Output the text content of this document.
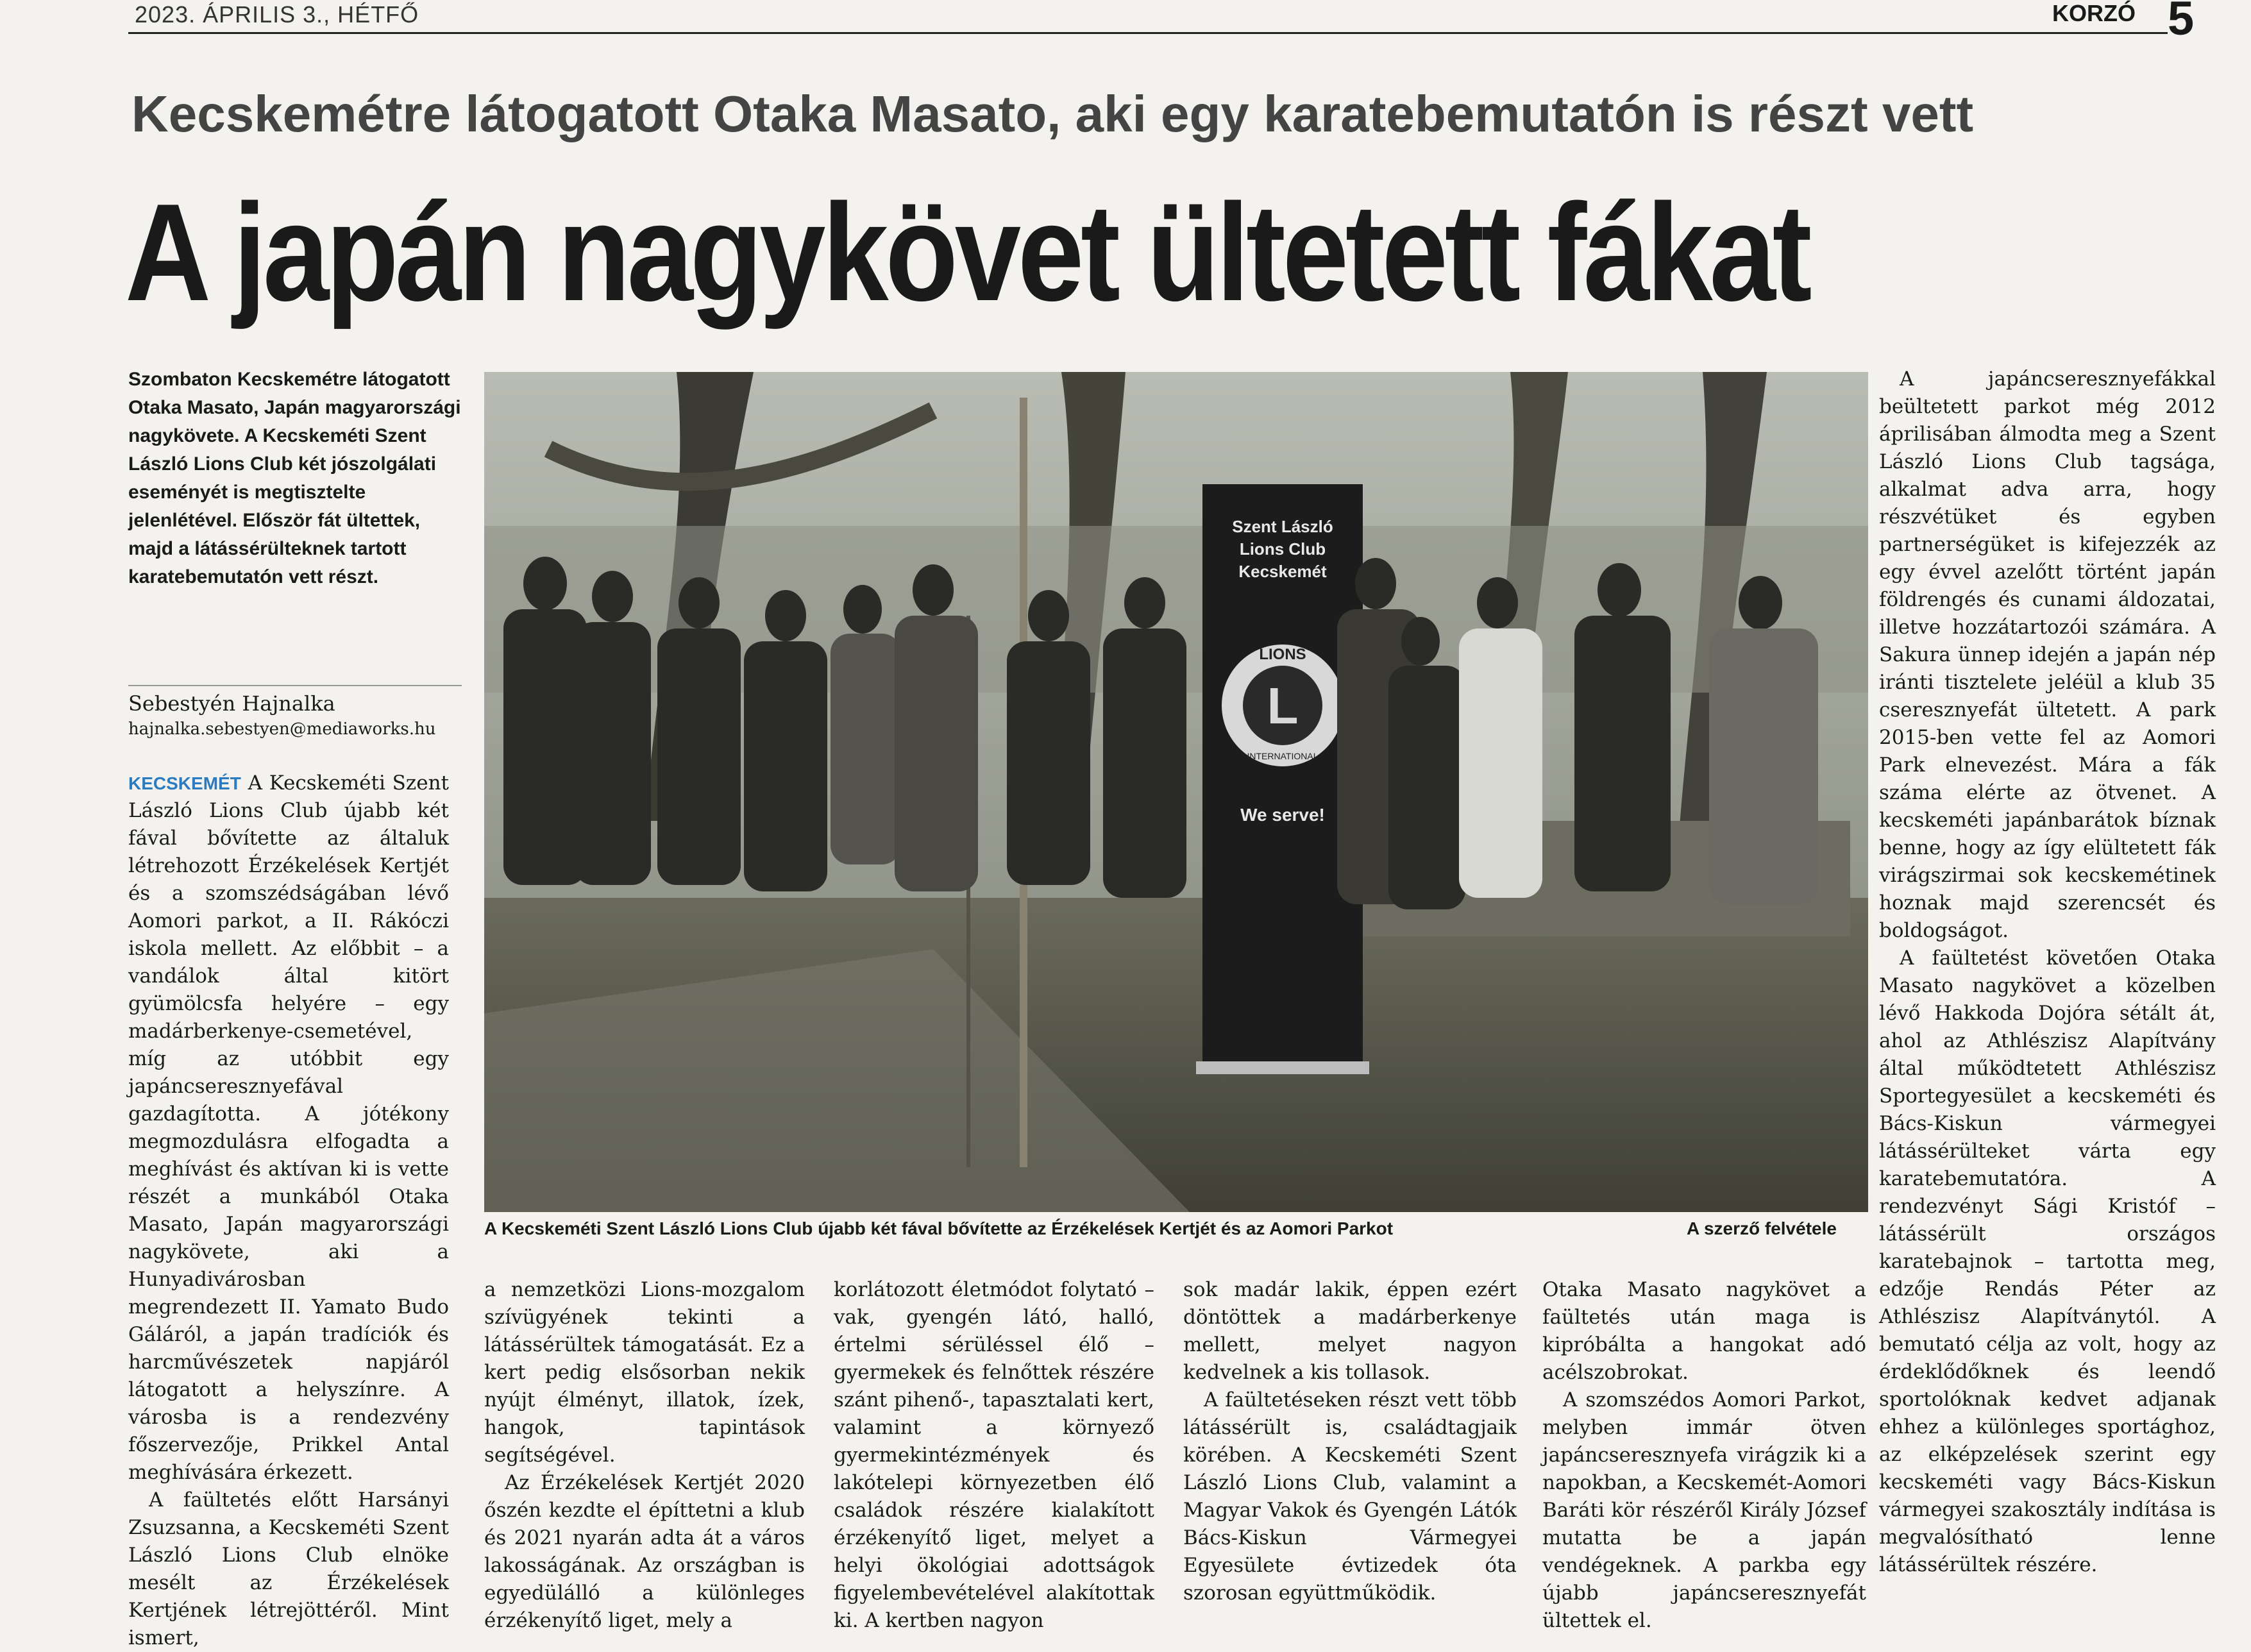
2023. ÁPRILIS 3., HÉTFŐ	KORZÓ 5
Kecskemétre látogatott Otaka Masato, aki egy karatebemutatón is részt vett
A japán nagykövet ültetett fákat
Szombaton Kecskemétre látogatott Otaka Masato, Japán magyarországi nagykövete. A Kecskeméti Szent László Lions Club két jószolgálati eseményét is megtisztelte jelenlétével. Először fát ültettek, majd a látássérülteknek tartott karatebemutatón vett részt.
Sebestyén Hajnalka
hajnalka.sebestyen@mediaworks.hu
Szent László
Lions Club
Kecskemét
LIONS
L
INTERNATIONAL
We serve!
A Kecskeméti Szent László Lions Club újabb két fával bővítette az Érzékelések Kertjét és az Aomori Parkot	A szerző felvétele

KECSKEMÉT A Kecskeméti Szent László Lions Club újabb két fával bővítette az általuk létrehozott Érzékelések Kertjét és a szomszédságában lévő Aomori parkot, a II. Rákóczi iskola mellett. Az előbbit – a vandálok által kitört gyümölcsfa helyére – egy madárberkenye-csemetével, míg az utóbbit egy japáncseresznyefával gazdagította. A jótékony megmozdulásra elfogadta a meghívást és aktívan ki is vette részét a munkából Otaka Masato, Japán magyarországi nagykövete, aki a Hunyadivárosban megrendezett II. Yamato Budo Gáláról, a japán tradíciók és harcművészetek napjáról látogatott a helyszínre. A városba is a rendezvény főszervezője, Prikkel Antal meghívására érkezett.

A faültetés előtt Harsányi Zsuzsanna, a Kecskeméti Szent László Lions Club elnöke mesélt az Érzékelések Kertjének létrejöttéről. Mint ismert,

a nemzetközi Lions-mozgalom szívügyének tekinti a látássérültek támogatását. Ez a kert pedig elsősorban nekik nyújt élményt, illatok, ízek, hangok, tapintások segítségével.

Az Érzékelések Kertjét 2020 őszén kezdte el építtetni a klub és 2021 nyarán adta át a város lakosságának. Az országban is egyedülálló a különleges érzékenyítő liget, mely a

korlátozott életmódot folytató – vak, gyengén látó, halló, értelmi sérüléssel élő – gyermekek és felnőttek részére szánt pihenő-, tapasztalati kert, valamint a környező gyermekintézmények és lakótelepi környezetben élő családok részére kialakított érzékenyítő liget, melyet a helyi ökológiai adottságok figyelembevételével alakítottak ki. A kertben nagyon

sok madár lakik, éppen ezért döntöttek a madárberkenye mellett, melyet nagyon kedvelnek a kis tollasok.

A faültetéseken részt vett több látássérült is, családtagjaik körében. A Kecskeméti Szent László Lions Club, valamint a Magyar Vakok és Gyengén Látók Bács-Kiskun Vármegyei Egyesülete évtizedek óta szorosan együttműködik.

Otaka Masato nagykövet a faültetés után maga is kipróbálta a hangokat adó acélszobrokat.

A szomszédos Aomori Parkot, melyben immár ötven japáncseresznyefa virágzik ki a napokban, a Kecskemét-Aomori Baráti kör részéről Király József mutatta be a japán vendégeknek. A parkba egy újabb japáncseresznyefát ültettek el.

A japáncseresznyefákkal beültetett parkot még 2012 áprilisában álmodta meg a Szent László Lions Club tagsága, alkalmat adva arra, hogy részvétüket és egyben partnerségüket is kifejezzék az egy évvel azelőtt történt japán földrengés és cunami áldozatai, illetve hozzátartozói számára. A Sakura ünnep idején a japán nép iránti tisztelete jeléül a klub 35 cseresznyefát ültetett. A park 2015-ben vette fel az Aomori Park elnevezést. Mára a fák száma elérte az ötvenet. A kecskeméti japánbarátok bíznak benne, hogy az így elültetett fák virágszirmai sok kecskemétinek hoznak majd szerencsét és boldogságot.

A faültetést követően Otaka Masato nagykövet a közelben lévő Hakkoda Dojóra sétált át, ahol az Athlészisz Alapítvány által működtetett Athlészisz Sportegyesület a kecskeméti és Bács-Kiskun vármegyei látássérülteket várta egy karatebemutatóra. A rendezvényt Sági Kristóf – látássérült országos karatebajnok – tartotta meg, edzője Rendás Péter az Athlészisz Alapítványtól. A bemutató célja az volt, hogy az érdeklődőknek és leendő sportolóknak kedvet adjanak ehhez a különleges sportághoz, az elképzelések szerint egy kecskeméti vagy Bács-Kiskun vármegyei szakosztály indítása is megvalósítható lenne látássérültek részére.
